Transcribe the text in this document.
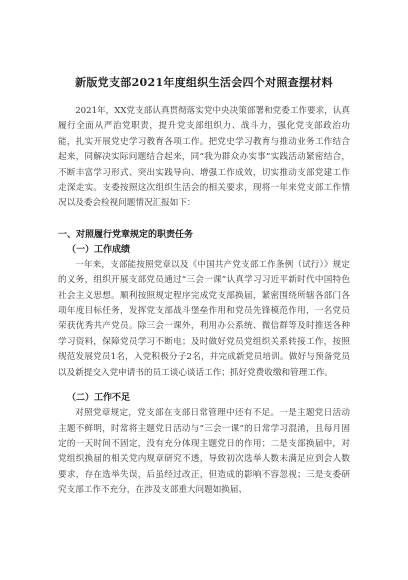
新版党支部2021年度组织生活会四个对照查摆材料

2021年，XX党支部认真贯彻落实党中央决策部署和党委工作要求，认真履行全面从严治党职责，提升党支部组织力、战斗力，强化党支部政治功能，扎实开展党史学习教育各项工作。把党史学习教育与推动业务工作结合起来，同解决实际问题结合起来，同“我为群众办实事”实践活动紧密结合，不断丰富学习形式、突出实践导向、增强工作成效，切实推动支部党建工作走深走实。支委按照这次组织生活会的相关要求，现将一年来党支部工作情况以及委会检视问题情况汇报如下：

一、对照履行党章规定的职责任务
（一）工作成绩

一年来，支部能按照党章以及《中国共产党支部工作条例（试行）》规定的义务，组织开展支部党员通过“三会一课”认真学习习近平新时代中国特色社会主义思想。顺利按照规定程序完成党支部换届，紧密围绕所辖各部门各项年度目标任务，发挥党支部战斗堡垒作用和党员先锋模范作用，一名党员荣获优秀共产党员。除三会一课外，利用办公系统、微信群等及时推送各种学习资料，保障党员学习不断电；及时做好党员党组织关系转接工作，按照规范发展党员1名，入党积极分子2名，并完成新党员培训。做好与预备党员以及新提交入党申请书的员工谈心谈话工作；抓好党费收缴和管理工作。

（二）工作不足

对照党章规定，党支部在支部日常管理中还有不足。一是主题党日活动主题不鲜明，时常将主题党日活动与“三会一课”的日常学习混淆，且每月固定的一天时间不固定，没有充分体现主题党日的作用；二是支部换届中，对党组织换届的相关党内规章研究不透，导致初次选举人数未满足应到会人数要求，存在选举失误，后虽经过改正，但造成的影响不容忽视；三是支委研究支部工作不充分，在涉及支部重大问题如换届、
